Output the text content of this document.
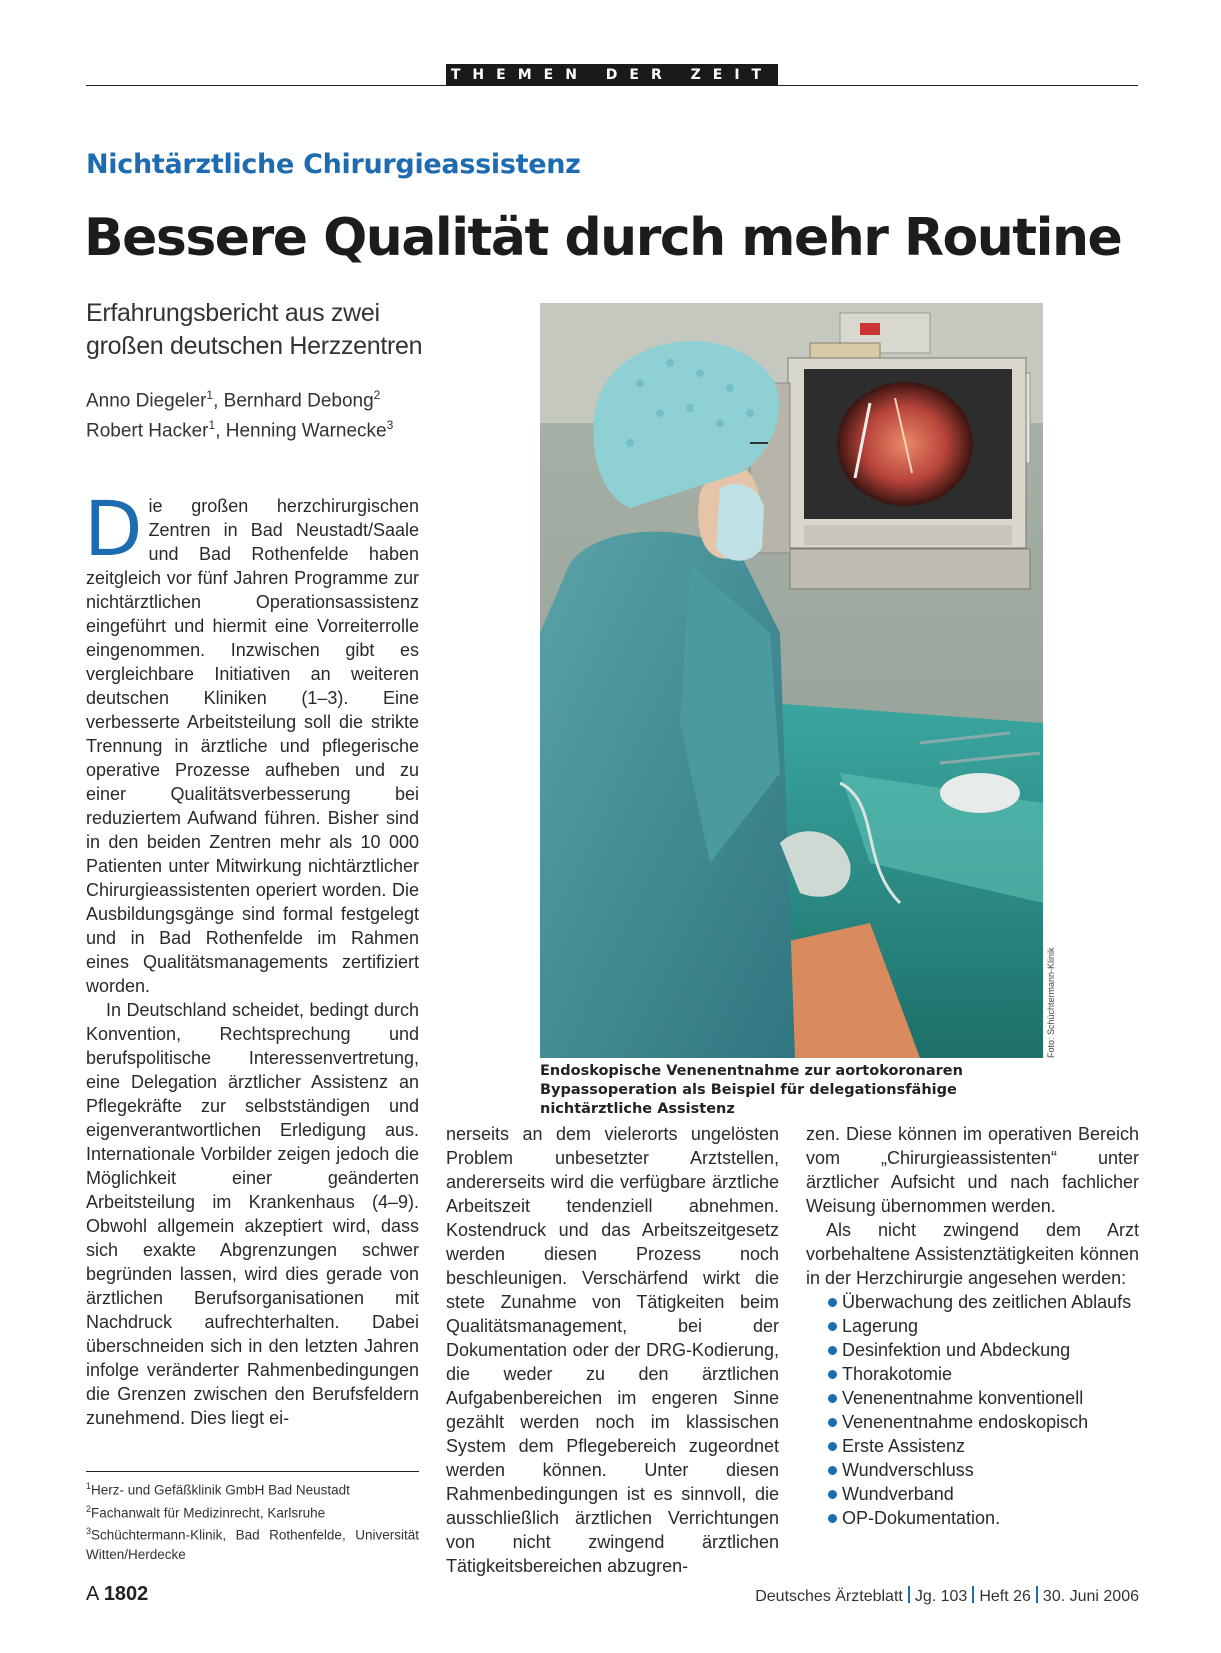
THEMEN DER ZEIT
Nichtärztliche Chirurgieassistenz
Bessere Qualität durch mehr Routine
Erfahrungsbericht aus zwei
großen deutschen Herzzentren
Anno Diegeler$^1$, Bernhard Debong$^2$
Robert Hacker$^1$, Henning Warnecke$^3$

Die großen herzchirurgischen Zentren in Bad Neustadt/Saale und Bad Rothenfelde haben zeitgleich vor fünf Jahren Programme zur nichtärztlichen Operationsassistenz eingeführt und hiermit eine Vorreiterrolle eingenommen. Inzwischen gibt es vergleichbare Initiativen an weiteren deutschen Kliniken (1–3). Eine verbesserte Arbeitsteilung soll die strikte Trennung in ärztliche und pflegerische operative Prozesse aufheben und zu einer Qualitätsverbesserung bei reduziertem Aufwand führen. Bisher sind in den beiden Zentren mehr als 10 000 Patienten unter Mitwirkung nichtärztlicher Chirurgieassistenten operiert worden. Die Ausbildungsgänge sind formal festgelegt und in Bad Rothenfelde im Rahmen eines Qualitätsmanagements zertifiziert worden.

In Deutschland scheidet, bedingt durch Konvention, Rechtsprechung und berufspolitische Interessenvertretung, eine Delegation ärztlicher Assistenz an Pflegekräfte zur selbstständigen und eigenverantwortlichen Erledigung aus. Internationale Vorbilder zeigen jedoch die Möglichkeit einer geänderten Arbeitsteilung im Krankenhaus (4–9). Obwohl allgemein akzeptiert wird, dass sich exakte Abgrenzungen schwer begründen lassen, wird dies gerade von ärztlichen Berufsorganisationen mit Nachdruck aufrechterhalten. Dabei überschneiden sich in den letzten Jahren infolge veränderter Rahmenbedingungen die Grenzen zwischen den Berufsfeldern zunehmend. Dies liegt ei-

nerseits an dem vielerorts ungelösten Problem unbesetzter Arztstellen, andererseits wird die verfügbare ärztliche Arbeitszeit tendenziell abnehmen. Kostendruck und das Arbeitszeitgesetz werden diesen Prozess noch beschleunigen. Verschärfend wirkt die stete Zunahme von Tätigkeiten beim Qualitätsmanagement, bei der Dokumentation oder der DRG-Kodierung, die weder zu den ärztlichen Aufgabenbereichen im engeren Sinne gezählt werden noch im klassischen System dem Pflegebereich zugeordnet werden können. Unter diesen Rahmenbedingungen ist es sinnvoll, die ausschließlich ärztlichen Verrichtungen von nicht zwingend ärztlichen Tätigkeitsbereichen abzugren-

zen. Diese können im operativen Bereich vom „Chirurgieassistenten“ unter ärztlicher Aufsicht und nach fachlicher Weisung übernommen werden.

Als nicht zwingend dem Arzt vorbehaltene Assistenztätigkeiten können in der Herzchirurgie angesehen werden:

Überwachung des zeitlichen Ablaufs
Lagerung
Desinfektion und Abdeckung
Thorakotomie
Venenentnahme konventionell
Venenentnahme endoskopisch
Erste Assistenz
Wundverschluss
Wundverband
OP-Dokumentation.
Foto: Schüchtermann-Klinik
Endoskopische Venenentnahme zur aortokoronaren Bypassoperation als Beispiel für delegationsfähige nichtärztliche Assistenz

$^1$Herz- und Gefäßklinik GmbH Bad Neustadt

$^2$Fachanwalt für Medizinrecht, Karlsruhe

$^3$Schüchtermann-Klinik, Bad Rothenfelde, Universität Witten/Herdecke

A 1802	Deutsches Ärzteblatt Jg. 103 Heft 26 30. Juni 2006
